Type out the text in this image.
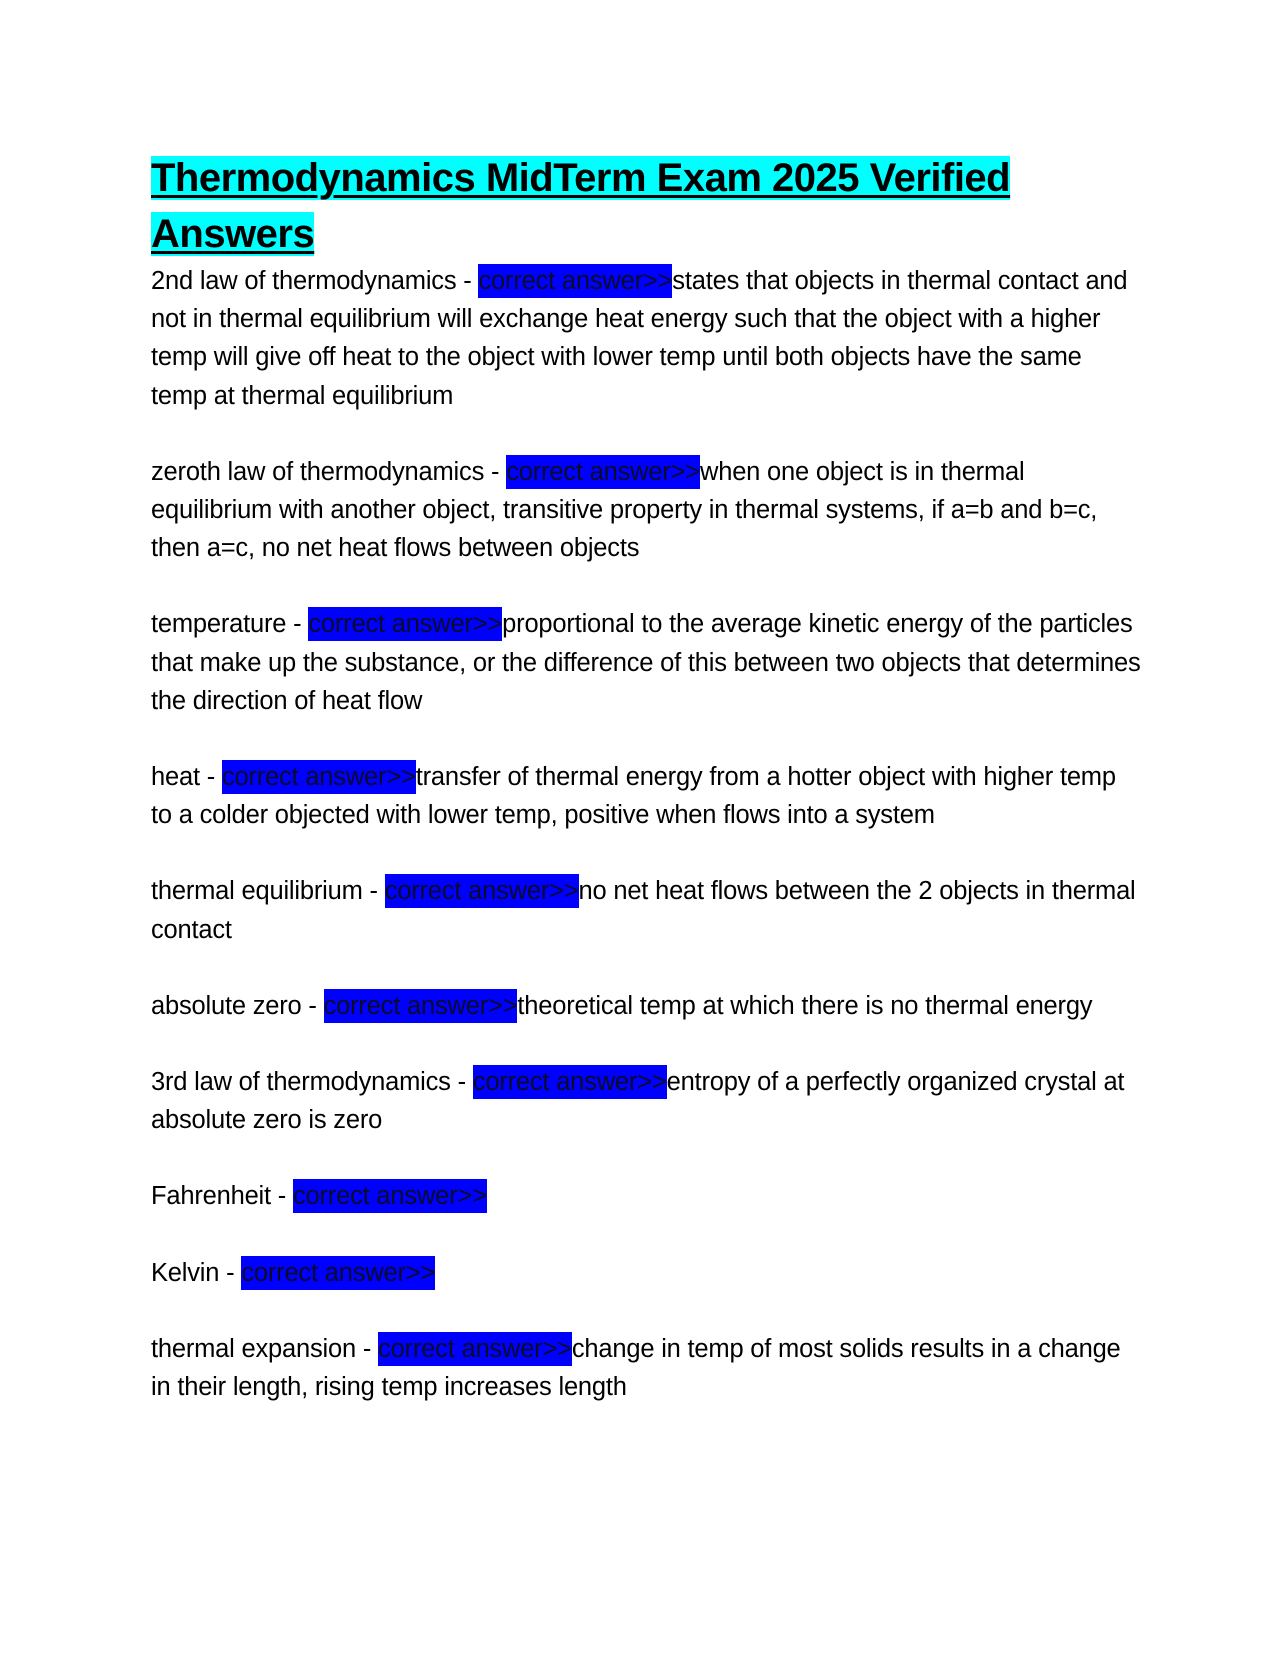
Thermodynamics MidTerm Exam 2025 Verified Answers

2nd law of thermodynamics - correct answer>>states that objects in thermal contact and not in thermal equilibrium will exchange heat energy such that the object with a higher temp will give off heat to the object with lower temp until both objects have the same temp at thermal equilibrium

zeroth law of thermodynamics - correct answer>>when one object is in thermal equilibrium with another object, transitive property in thermal systems, if a=b and b=c, then a=c, no net heat flows between objects

temperature - correct answer>>proportional to the average kinetic energy of the particles that make up the substance, or the difference of this between two objects that determines the direction of heat flow

heat - correct answer>>transfer of thermal energy from a hotter object with higher temp to a colder objected with lower temp, positive when flows into a system

thermal equilibrium - correct answer>>no net heat flows between the 2 objects in thermal contact

absolute zero - correct answer>>theoretical temp at which there is no thermal energy

3rd law of thermodynamics - correct answer>>entropy of a perfectly organized crystal at absolute zero is zero

Fahrenheit - correct answer>>

Kelvin - correct answer>>

thermal expansion - correct answer>>change in temp of most solids results in a change in their length, rising temp increases length
